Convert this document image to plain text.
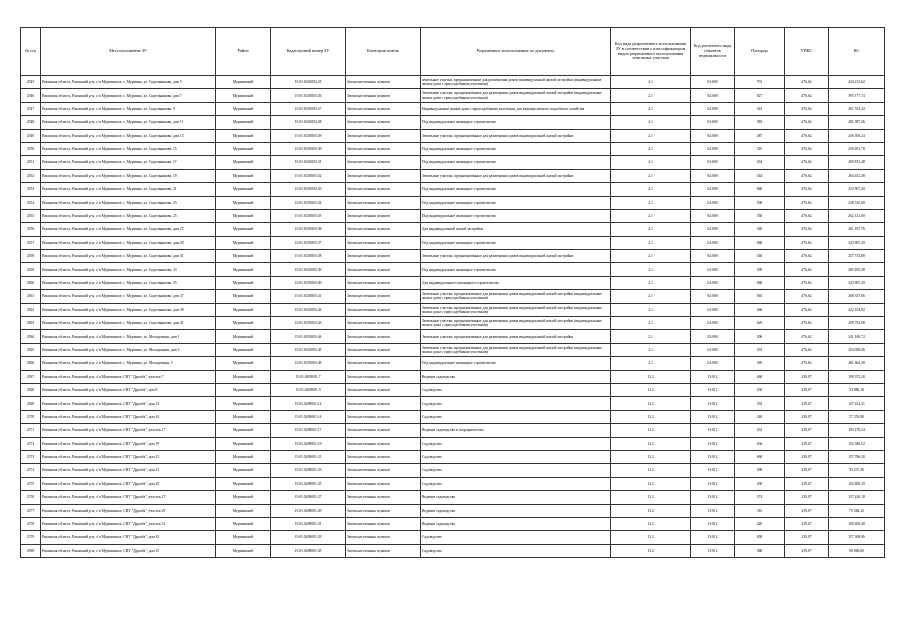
№ п/п	Местоположение ЗУ	Район	Кадастровый номер ЗУ	Категория земель	Разрешенное использование по документу	Код вида разрешенного использования ЗУ в соответствии с классификатором видов разрешенного использования земельных участков	Код расчетного вида объектов недвижимости	Площадь	УПКС	КС
2545	Рязанская область, Рязанский р-н, с/п Мурминское, с. Мурмино, ул. Сидельникова, дом 5	Мурминский	15:01:0210003:25	Земли населенных пунктов	земельные участки, предназначенные для размещения домов индивидуальной жилой застройки (индивидуальные жилые дома с приусадебными участками)	2.1	02:000	701	476,62	434 212,62
2546	Рязанская область, Рязанский р-н, с/п Мурминское, с. Мурмино, ул. Сидельникова, дом 7	Мурминский	15:01:0210003:26	Земли населенных пунктов	Земельные участки, предназначенные для размещения домов индивидуальной жилой застройки (индивидуальные жилые дома с приусадебными участками)	2.1	02:000	827	476,62	395 177,74
2547	Рязанская область, Рязанский р-н, с/п Мурминское, с. Мурмино, ул. Сидельникова, 9	Мурминский	15:01:0210003:27	Земли населенных пунктов	Индивидуальные жилые дома с приусадебными участками, для ведения личного подсобного хозяйства	2.1	02:000	543	476,62	261 553,32
2548	Рязанская область, Рязанский р-н, с/п Мурминское, с. Мурмино, ул. Сидельникова, дом 11	Мурминский	15:01:0210003:28	Земли населенных пунктов	Под индивидуальное жилищное строительство	2.1	02:000	583	476,62	281 987,26
2549	Рязанская область, Рязанский р-н, с/п Мурминское, с. Мурмино, ул. Сидельникова, дом 13	Мурминский	15:01:0210003:29	Земли населенных пунктов	Земельные участки, предназначенные для размещения домов индивидуальной жилой застройки	2.1	02:000	487	476,62	236 393,24
2550	Рязанская область, Рязанский р-н, с/п Мурминское, с. Мурмино, ул. Сидельникова, 15	Мурминский	15:01:0210003:30	Земли населенных пунктов	Под индивидуальное жилищное строительство	2.1	02:000	525	476,62	250 491,70
2551	Рязанская область, Рязанский р-н, с/п Мурминское, с. Мурмино, ул. Сидельникова, 17	Мурминский	15:01:0210003:31	Земли населенных пунктов	Под индивидуальное жилищное строительство	2.1	02:000	434	476,62	209 815,48
2552	Рязанская область, Рязанский р-н, с/п Мурминское, с. Мурмино, ул. Сидельникова, 19	Мурминский	15:01:0210003:32	Земли населенных пунктов	Земельные участки, предназначенные для размещения домов индивидуальной жилой застройки	2.1	02:000	544	476,62	264 452,48
2553	Рязанская область, Рязанский р-н, с/п Мурминское, с. Мурмино, ул. Сидельникова, 21	Мурминский	15:01:0210003:33	Земли населенных пунктов	Под индивидуальное жилищное строительство	2.1	02:000	680	476,62	323 967,20
2554	Рязанская область, Рязанский р-н, с/п Мурминское, с. Мурмино, ул. Сидельникова, 23	Мурминский	15:01:0210003:34	Земли населенных пунктов	Под индивидуальное жилищное строительство	2.1	02:000	500	476,62	238 310,00
2555	Рязанская область, Рязанский р-н, с/п Мурминское, с. Мурмино, ул. Сидельникова, 25	Мурминский	15:01:0210003:35	Земли населенных пунктов	Под индивидуальное жилищное строительство	2.1	02:000	550	476,62	262 141,00
2556	Рязанская область, Рязанский р-н, с/п Мурминское, с. Мурмино, ул. Сидельникова, дом 27	Мурминский	15:01:0210003:36	Земли населенных пунктов	Для индивидуальной жилой застройки	2.1	02:000	548	476,62	261 187,76
2557	Рязанская область, Рязанский р-н, с/п Мурминское, с. Мурмино, ул. Сидельникова, дом 29	Мурминский	15:01:0210003:37	Земли населенных пунктов	Под индивидуальное жилищное строительство	2.1	02:000	680	476,62	323 967,20
2558	Рязанская область, Рязанский р-н, с/п Мурминское, с. Мурмино, ул. Сидельникова, дом 31	Мурминский	15:01:0210003:38	Земли населенных пунктов	Земельные участки, предназначенные для размещения домов индивидуальной жилой застройки	2.1	02:000	540	476,62	257 374,80
2559	Рязанская область, Рязанский р-н, с/п Мурминское, с. Мурмино, ул. Сидельникова, 33	Мурминский	15:01:0210003:39	Земли населенных пунктов	Под индивидуальное жилищное строительство	2.1	02:000	599	476,62	285 495,38
2560	Рязанская область, Рязанский р-н, с/п Мурминское, с. Мурмино, ул. Сидельникова, 35	Мурминский	15:01:0210003:40	Земли населенных пунктов	Для индивидуального жилищного строительства	2.1	02:000	680	476,62	323 967,20
2561	Рязанская область, Рязанский р-н, с/п Мурминское, с. Мурмино, ул. Сидельникова, дом 37	Мурминский	15:01:0210003:41	Земли населенных пунктов	Земельные участки, предназначенные для размещения домов индивидуальной жилой застройки (индивидуальные жилые дома с приусадебными участками)	2.1	02:000	563	476,62	268 337,06
2562	Рязанская область, Рязанский р-н, с/п Мурминское, с. Мурмино, ул. Сидельникова, дом 39	Мурминский	15:01:0210003:42	Земли населенных пунктов	Земельные участки, предназначенные для размещения домов индивидуальной жилой застройки (индивидуальные жилые дома с приусадебными участками)	2.1	02:000	466	476,62	222 104,92
2563	Рязанская область, Рязанский р-н, с/п Мурминское, с. Мурмино, ул. Сидельникова, дом 41	Мурминский	15:01:0210003:43	Земли населенных пунктов	Земельные участки, предназначенные для размещения домов индивидуальной жилой застройки (индивидуальные жилые дома с приусадебными участками)	2.1	02:000	629	476,62	299 793,98
2564	Рязанская область, Рязанский р-н, с/п Мурминское, с. Мурмино, ул. Молодежная, дом 1	Мурминский	15:01:0210003:44	Земли населенных пунктов	Земельные участки, предназначенные для размещения домов индивидуальной жилой застройки	2.1	02:000	506	476,62	241 169,72
2565	Рязанская область, Рязанский р-н, с/п Мурминское, с. Мурмино, ул. Молодежная, дом 3	Мурминский	15:01:0210003:45	Земли населенных пунктов	Земельные участки, предназначенные для размещения домов индивидуальной жилой застройки (индивидуальные жилые дома с приусадебными участками)	2.1	02:000	533	476,62	254 038,46
2566	Рязанская область, Рязанский р-н, с/п Мурминское, с. Мурмино, ул. Молодежная, 5	Мурминский	15:01:0210003:46	Земли населенных пунктов	Под индивидуальное жилищное строительство	2.1	02:000	549	476,62	261 664,38
2567	Рязанская область, Рязанский р-н, с/п Мурминское, СНТ "Дружба", участок 7	Мурминский	15:01:0209001:7	Земли населенных пунктов	Ведение садоводства	13.2	13:012	460	239,07	109 972,20
2568	Рязанская область, Рязанский р-н, с/п Мурминское, СНТ "Дружба", дом 9	Мурминский	15:01:0209001:9	Земли населенных пунктов	Садоводство	13.2	13:012	230	239,07	54 986,10
2569	Рязанская область, Рязанский р-н, с/п Мурминское, СНТ "Дружба", дом 12	Мурминский	15:01:0209001:12	Земли населенных пунктов	Садоводство	13.2	13:012	533	239,07	127 424,31
2570	Рязанская область, Рязанский р-н, с/п Мурминское, СНТ "Дружба", дом 14	Мурминский	15:01:0209001:14	Земли населенных пунктов	Садоводство	13.2	13:012	240	239,07	57 376,80
2571	Рязанская область, Рязанский р-н, с/п Мурминское, СНТ "Дружба", участок 17	Мурминский	15:01:0209001:17	Земли населенных пунктов	Ведение садоводства и огородничества	13.2	13:012	432	239,07	103 278,24
2572	Рязанская область, Рязанский р-н, с/п Мурминское, СНТ "Дружба", дом 19	Мурминский	15:01:0209001:19	Земли населенных пунктов	Садоводство	13.2	13:012	636	239,07	152 048,52
2573	Рязанская область, Рязанский р-н, с/п Мурминское, СНТ "Дружба", дом 21	Мурминский	15:01:0209001:21	Земли населенных пунктов	Садоводство	13.2	13:012	660	239,07	157 786,20
2574	Рязанская область, Рязанский р-н, с/п Мурминское, СНТ "Дружба", дом 23	Мурминский	15:01:0209001:23	Земли населенных пунктов	Садоводство	13.2	13:012	390	239,07	93 237,30
2575	Рязанская область, Рязанский р-н, с/п Мурминское, СНТ "Дружба", дом 25	Мурминский	15:01:0209001:25	Земли населенных пунктов	Садоводство	13.2	13:012	430	239,07	102 800,10
2576	Рязанская область, Рязанский р-н, с/п Мурминское, СНТ "Дружба", участок 27	Мурминский	15:01:0209001:27	Земли населенных пунктов	Ведение садоводства	13.2	13:012	574	239,07	137 226,18
2577	Рязанская область, Рязанский р-н, с/п Мурминское, СНТ "Дружба", участок 29	Мурминский	15:01:0209001:29	Земли населенных пунктов	Ведение садоводства	13.2	13:012	316	239,07	75 546,12
2578	Рязанская область, Рязанский р-н, с/п Мурминское, СНТ "Дружба", участок 31	Мурминский	15:01:0209001:31	Земли населенных пунктов	Ведение садоводства	13.2	13:012	420	239,07	100 409,40
2579	Рязанская область, Рязанский р-н, с/п Мурминское, СНТ "Дружба", дом 33	Мурминский	15:01:0209001:33	Земли населенных пунктов	Садоводство	13.2	13:012	658	239,07	157 308,06
2580	Рязанская область, Рязанский р-н, с/п Мурминское, СНТ "Дружба", дом 35	Мурминский	15:01:0209001:35	Земли населенных пунктов	Садоводство	13.2	13:012	380	239,07	90 846,60
